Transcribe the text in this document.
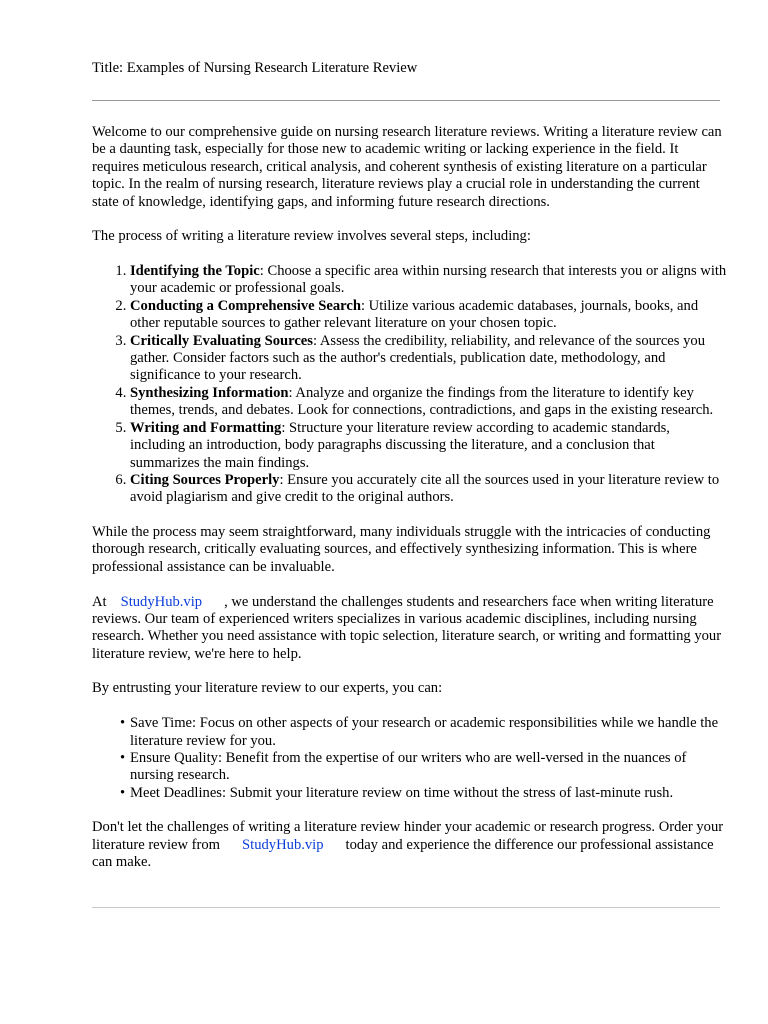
Title: Examples of Nursing Research Literature Review

Welcome to our comprehensive guide on nursing research literature reviews. Writing a literature review can be a daunting task, especially for those new to academic writing or lacking experience in the field. It requires meticulous research, critical analysis, and coherent synthesis of existing literature on a particular topic. In the realm of nursing research, literature reviews play a crucial role in understanding the current state of knowledge, identifying gaps, and informing future research directions.

The process of writing a literature review involves several steps, including:

1. Identifying the Topic: Choose a specific area within nursing research that interests you or aligns with your academic or professional goals.
2. Conducting a Comprehensive Search: Utilize various academic databases, journals, books, and other reputable sources to gather relevant literature on your chosen topic.
3. Critically Evaluating Sources: Assess the credibility, reliability, and relevance of the sources you gather. Consider factors such as the author's credentials, publication date, methodology, and significance to your research.
4. Synthesizing Information: Analyze and organize the findings from the literature to identify key themes, trends, and debates. Look for connections, contradictions, and gaps in the existing research.
5. Writing and Formatting: Structure your literature review according to academic standards, including an introduction, body paragraphs discussing the literature, and a conclusion that summarizes the main findings.
6. Citing Sources Properly: Ensure you accurately cite all the sources used in your literature review to avoid plagiarism and give credit to the original authors.

While the process may seem straightforward, many individuals struggle with the intricacies of conducting thorough research, critically evaluating sources, and effectively synthesizing information. This is where professional assistance can be invaluable.

At StudyHub.vip , we understand the challenges students and researchers face when writing literature reviews. Our team of experienced writers specializes in various academic disciplines, including nursing research. Whether you need assistance with topic selection, literature search, or writing and formatting your literature review, we're here to help.

By entrusting your literature review to our experts, you can:

• Save Time: Focus on other aspects of your research or academic responsibilities while we handle the literature review for you.
• Ensure Quality: Benefit from the expertise of our writers who are well-versed in the nuances of nursing research.
• Meet Deadlines: Submit your literature review on time without the stress of last-minute rush.

Don't let the challenges of writing a literature review hinder your academic or research progress. Order your literature review from StudyHub.vip today and experience the difference our professional assistance can make.
